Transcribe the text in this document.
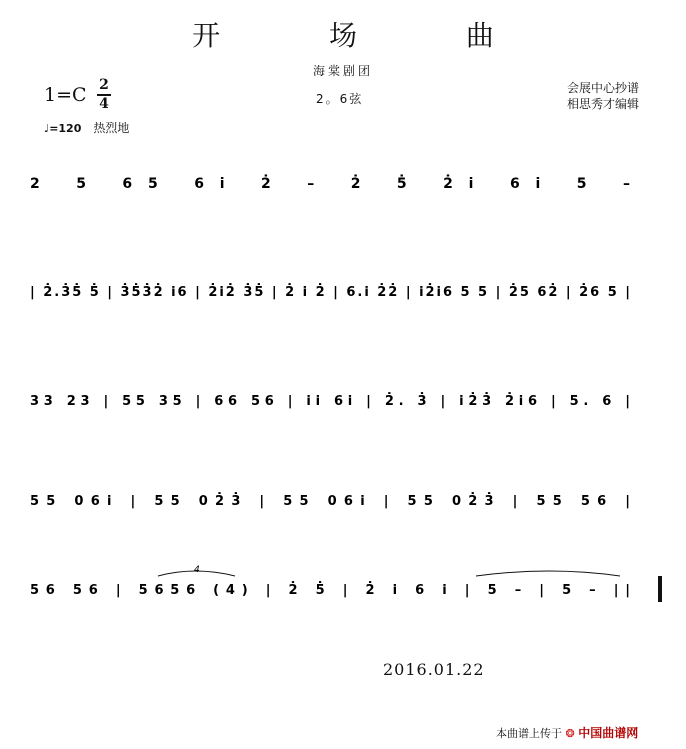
开 场 曲
海棠剧团
1=C 2
4	2。6弦
会展中心抄谱
相思秀才编辑
♩=120 热烈地
2 5 65 6i 2̇ – 2̇ 5̇ 2̇i 6i 5 –
| 2̇.3̇5̇ 5̇ | 3̇5̇3̇2̇ i6 | 2̇i2̇ 3̇5̇ | 2̇ i 2̇ | 6.i 2̇2̇ | i2̇i6 5 5 | 2̇5 62̇ | 2̇6 5 |
33 23 | 55 35 | 66 56 | ii 6i | 2̇. 3̇ | i2̇3̇ 2̇i6 | 5. 6 |
55 06i | 55 02̇3̇ | 55 06i | 55 02̇3̇ | 55 56 |
4
56 56 | 5656 (4) | 2̇ 5̇ | 2̇ i 6 i | 5 – | 5 – ||
2016.01.22
本曲谱上传于 ❂ 中国曲谱网
